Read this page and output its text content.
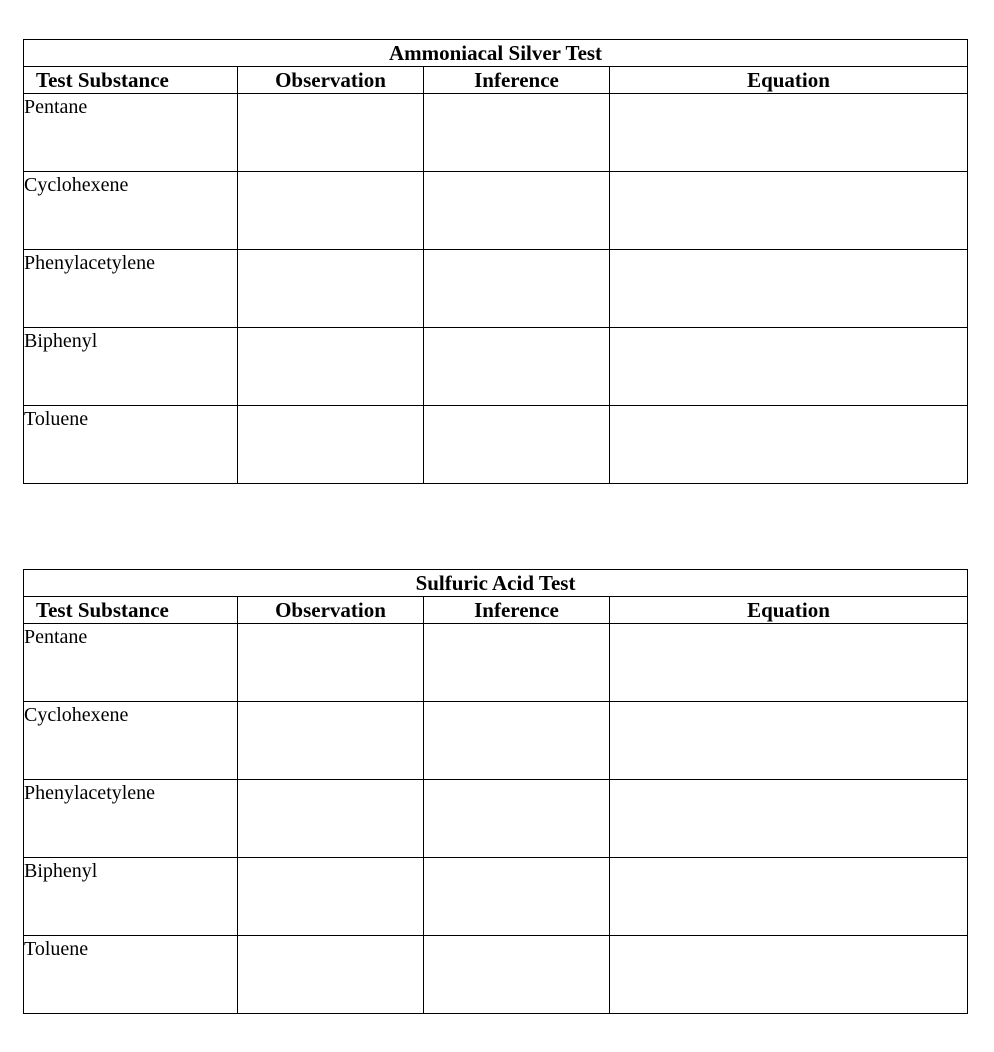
Ammoniacal Silver Test			
Test Substance	Observation	Inference	Equation
Pentane			
Cyclohexene			
Phenylacetylene			
Biphenyl			
Toluene			
Sulfuric Acid Test			
Test Substance	Observation	Inference	Equation
Pentane			
Cyclohexene			
Phenylacetylene			
Biphenyl			
Toluene			
